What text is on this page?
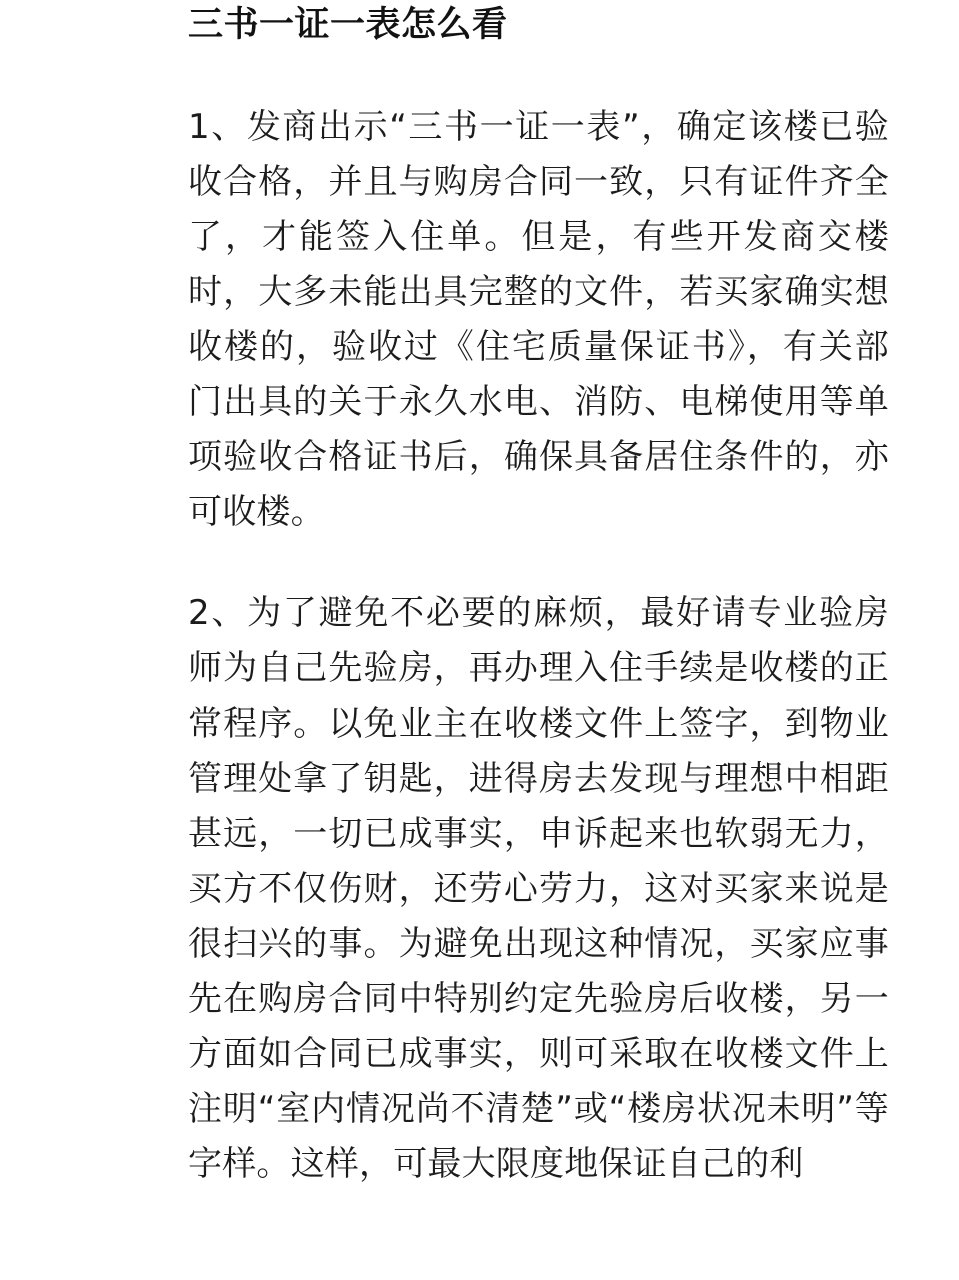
三书一证一表怎么看

1、发商出示“三书一证一表”，确定该楼已验收合格，并且与购房合同一致，只有证件齐全了，才能签入住单。但是，有些开发商交楼时，大多未能出具完整的文件，若买家确实想收楼的，验收过《住宅质量保证书》，有关部门出具的关于永久水电、消防、电梯使用等单项验收合格证书后，确保具备居住条件的，亦可收楼。

2、为了避免不必要的麻烦，最好请专业验房师为自己先验房，再办理入住手续是收楼的正常程序。以免业主在收楼文件上签字，到物业管理处拿了钥匙，进得房去发现与理想中相距甚远，一切已成事实，申诉起来也软弱无力，买方不仅伤财，还劳心劳力，这对买家来说是很扫兴的事。为避免出现这种情况，买家应事先在购房合同中特别约定先验房后收楼，另一方面如合同已成事实，则可采取在收楼文件上注明“室内情况尚不清楚”或“楼房状况未明”等字样。这样，可最大限度地保证自己的利
